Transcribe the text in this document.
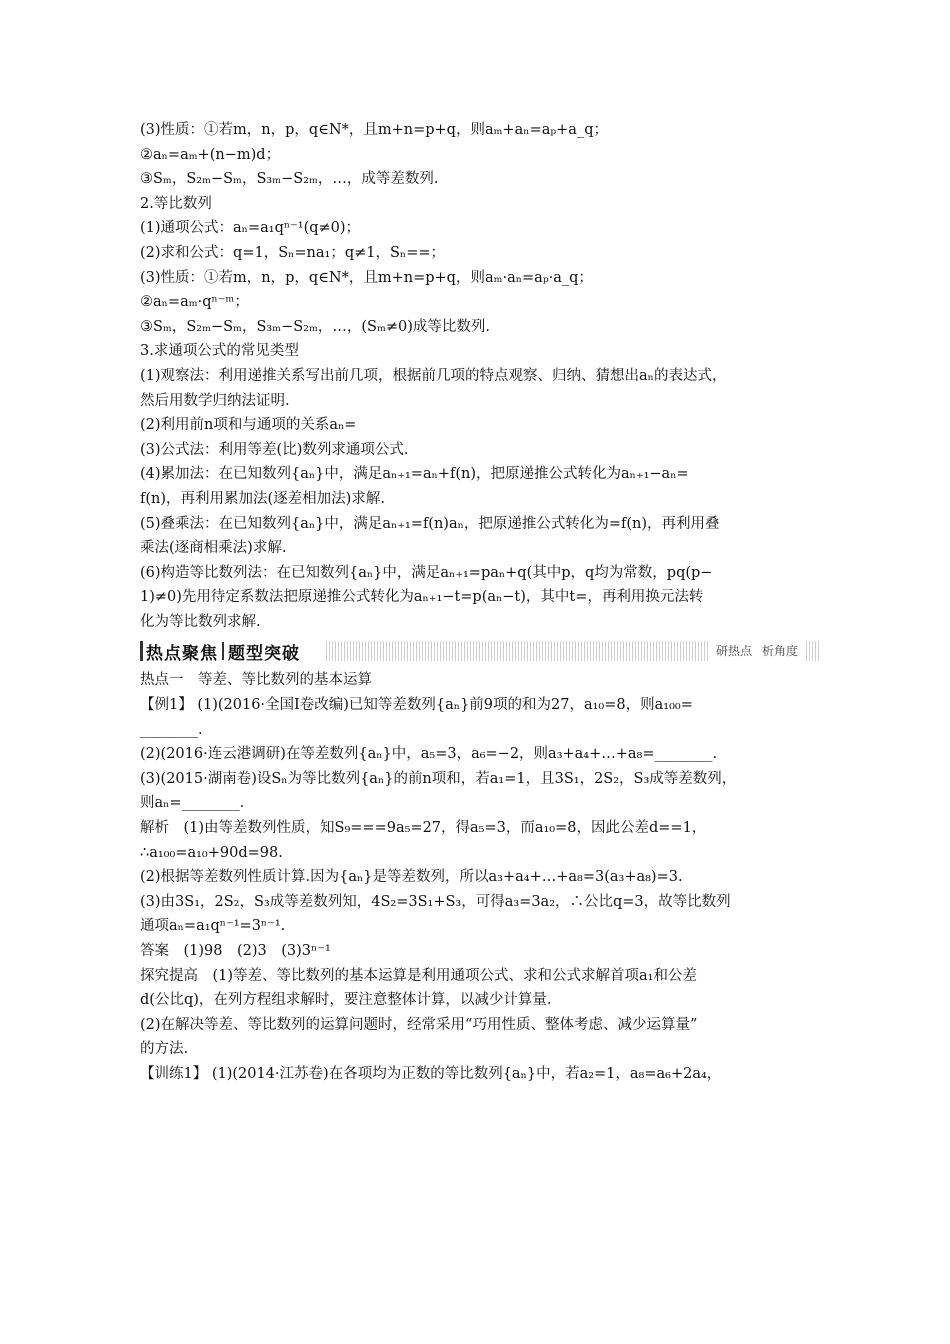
(3)性质：①若m，n，p，q∈N*，且m+n=p+q，则aₘ+aₙ=aₚ+a_q；
②aₙ=aₘ+(n−m)d；
③Sₘ，S₂ₘ−Sₘ，S₃ₘ−S₂ₘ，…，成等差数列.
2.等比数列
(1)通项公式：aₙ=a₁qⁿ⁻¹(q≠0)；
(2)求和公式：q=1，Sₙ=na₁；q≠1，Sₙ==；
(3)性质：①若m，n，p，q∈N*，且m+n=p+q，则aₘ·aₙ=aₚ·a_q；
②aₙ=aₘ·qⁿ⁻ᵐ；
③Sₘ，S₂ₘ−Sₘ，S₃ₘ−S₂ₘ，…，(Sₘ≠0)成等比数列.
3.求通项公式的常见类型
(1)观察法：利用递推关系写出前几项，根据前几项的特点观察、归纳、猜想出aₙ的表达式，
然后用数学归纳法证明.
(2)利用前n项和与通项的关系aₙ=
(3)公式法：利用等差(比)数列求通项公式.
(4)累加法：在已知数列{aₙ}中，满足aₙ₊₁=aₙ+f(n)，把原递推公式转化为aₙ₊₁−aₙ=
f(n)，再利用累加法(逐差相加法)求解.
(5)叠乘法：在已知数列{aₙ}中，满足aₙ₊₁=f(n)aₙ，把原递推公式转化为=f(n)，再利用叠
乘法(逐商相乘法)求解.
(6)构造等比数列法：在已知数列{aₙ}中，满足aₙ₊₁=paₙ+q(其中p，q均为常数，pq(p−
1)≠0)先用待定系数法把原递推公式转化为aₙ₊₁−t=p(aₙ−t)，其中t=，再利用换元法转
化为等比数列求解.
热点聚焦 题型突破	研热点 析角度
热点一　等差、等比数列的基本运算
【例1】 (1)(2016·全国Ⅰ卷改编)已知等差数列{aₙ}前9项的和为27，a₁₀=8，则a₁₀₀=
________.
(2)(2016·连云港调研)在等差数列{aₙ}中，a₅=3，a₆=−2，则a₃+a₄+…+a₈=________.
(3)(2015·湖南卷)设Sₙ为等比数列{aₙ}的前n项和，若a₁=1，且3S₁，2S₂，S₃成等差数列，
则aₙ=________.
解析　(1)由等差数列性质，知S₉===9a₅=27，得a₅=3，而a₁₀=8，因此公差d==1，
∴a₁₀₀=a₁₀+90d=98.
(2)根据等差数列性质计算.因为{aₙ}是等差数列，所以a₃+a₄+…+a₈=3(a₃+a₈)=3.
(3)由3S₁，2S₂，S₃成等差数列知，4S₂=3S₁+S₃，可得a₃=3a₂，∴公比q=3，故等比数列
通项aₙ=a₁qⁿ⁻¹=3ⁿ⁻¹.
答案　(1)98　(2)3　(3)3ⁿ⁻¹
探究提高　(1)等差、等比数列的基本运算是利用通项公式、求和公式求解首项a₁和公差
d(公比q)，在列方程组求解时，要注意整体计算，以减少计算量.
(2)在解决等差、等比数列的运算问题时，经常采用“巧用性质、整体考虑、减少运算量”
的方法.
【训练1】 (1)(2014·江苏卷)在各项均为正数的等比数列{aₙ}中，若a₂=1，a₈=a₆+2a₄，
